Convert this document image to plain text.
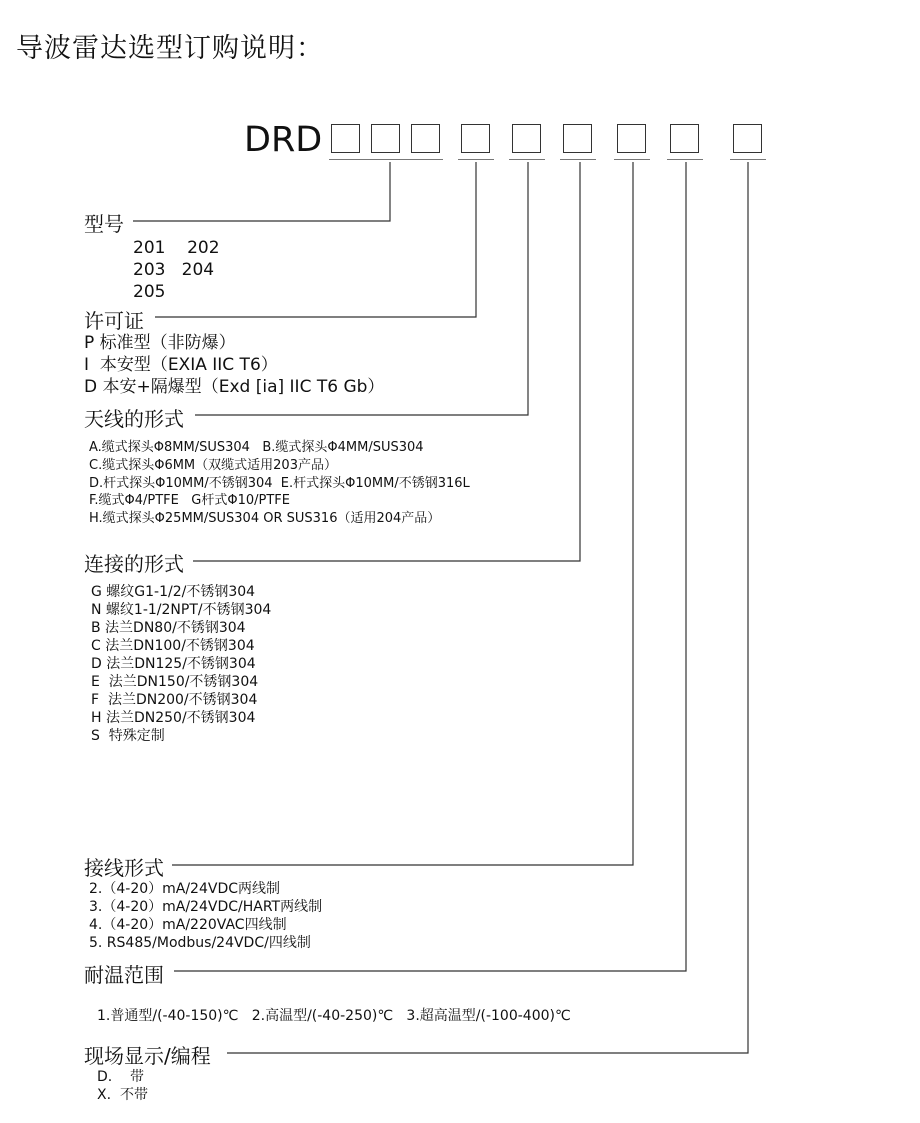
导波雷达选型订购说明：
DRD
型号
201    202
203   204
205
许可证
P 标准型（非防爆）
I  本安型（EXIA IIC T6）
D 本安+隔爆型（Exd [ia] IIC T6 Gb）
天线的形式
A.缆式探头Φ8MM/SUS304   B.缆式探头Φ4MM/SUS304
C.缆式探头Φ6MM（双缆式适用203产品）
D.杆式探头Φ10MM/不锈钢304  E.杆式探头Φ10MM/不锈钢316L
F.缆式Φ4/PTFE   G杆式Φ10/PTFE
H.缆式探头Φ25MM/SUS304 OR SUS316（适用204产品）
连接的形式
G 螺纹G1-1/2/不锈钢304
N 螺纹1-1/2NPT/不锈钢304
B 法兰DN80/不锈钢304
C 法兰DN100/不锈钢304
D 法兰DN125/不锈钢304
E  法兰DN150/不锈钢304
F  法兰DN200/不锈钢304
H 法兰DN250/不锈钢304
S  特殊定制
接线形式
2.（4-20）mA/24VDC两线制
3.（4-20）mA/24VDC/HART两线制
4.（4-20）mA/220VAC四线制
5. RS485/Modbus/24VDC/四线制
耐温范围
1.普通型/(-40-150)℃   2.高温型/(-40-250)℃   3.超高温型/(-100-400)℃
现场显示/编程
D.    带
X.  不带
